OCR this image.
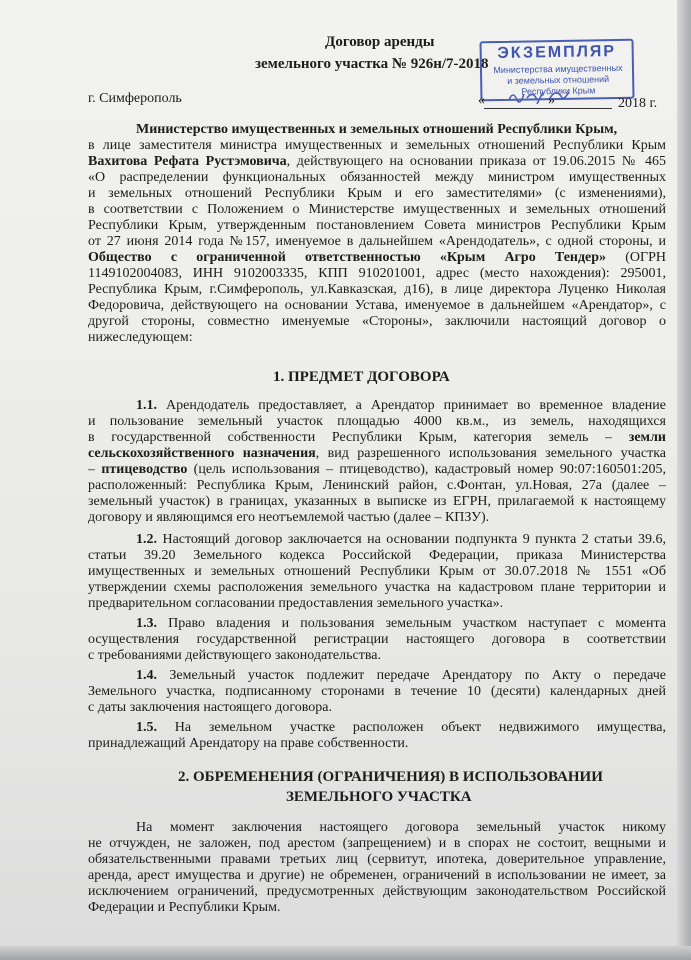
Договор аренды
земельного участка № 926н/7-2018
ЭКЗЕМПЛЯР
Министерства имущественных
и земельных отношений
Республики Крым
г. Симферополь	«	»	2018 г.
Министерство имущественных и земельных отношений Республики Крым,
в лице заместителя министра имущественных и земельных отношений Республики Крым
Вахитова Рефата Рустэмовича, действующего на основании приказа от 19.06.2015 № 465
«О распределении функциональных обязанностей между министром имущественных
и земельных отношений Республики Крым и его заместителями» (с изменениями),
в соответствии с Положением о Министерстве имущественных и земельных отношений
Республики Крым, утвержденным постановлением Совета министров Республики Крым
от 27 июня 2014 года №157, именуемое в дальнейшем «Арендодатель», с одной стороны, и
Общество с ограниченной ответственностью «Крым Агро Тендер» (ОГРН
1149102004083, ИНН 9102003335, КПП 910201001, адрес (место нахождения): 295001,
Республика Крым, г.Симферополь, ул.Кавказская, д16), в лице директора Луценко Николая
Федоровича, действующего на основании Устава, именуемое в дальнейшем «Арендатор», с
другой стороны, совместно именуемые «Стороны», заключили настоящий договор о
нижеследующем:
1. ПРЕДМЕТ ДОГОВОРА
1.1. Арендодатель предоставляет, а Арендатор принимает во временное владение
и пользование земельный участок площадью 4000 кв.м., из земель, находящихся
в государственной собственности Республики Крым, категория земель – земли
сельскохозяйственного назначения, вид разрешенного использования земельного участка
– птицеводство (цель использования – птицеводство), кадастровый номер 90:07:160501:205,
расположенный: Республика Крым, Ленинский район, с.Фонтан, ул.Новая, 27а (далее –
земельный участок) в границах, указанных в выписке из ЕГРН, прилагаемой к настоящему
договору и являющимся его неотъемлемой частью (далее – КПЗУ).
1.2. Настоящий договор заключается на основании подпункта 9 пункта 2 статьи 39.6,
статьи 39.20 Земельного кодекса Российской Федерации, приказа Министерства
имущественных и земельных отношений Республики Крым от 30.07.2018 № 1551 «Об
утверждении схемы расположения земельного участка на кадастровом плане территории и
предварительном согласовании предоставления земельного участка».
1.3. Право владения и пользования земельным участком наступает с момента
осуществления государственной регистрации настоящего договора в соответствии
с требованиями действующего законодательства.
1.4. Земельный участок подлежит передаче Арендатору по Акту о передаче
Земельного участка, подписанному сторонами в течение 10 (десяти) календарных дней
с даты заключения настоящего договора.
1.5. На земельном участке расположен объект недвижимого имущества,
принадлежащий Арендатору на праве собственности.
2. ОБРЕМЕНЕНИЯ (ОГРАНИЧЕНИЯ) В ИСПОЛЬЗОВАНИИ
ЗЕМЕЛЬНОГО УЧАСТКА
На момент заключения настоящего договора земельный участок никому
не отчужден, не заложен, под арестом (запрещением) и в спорах не состоит, вещными и
обязательственными правами третьих лиц (сервитут, ипотека, доверительное управление,
аренда, арест имущества и другие) не обременен, ограничений в использовании не имеет, за
исключением ограничений, предусмотренных действующим законодательством Российской
Федерации и Республики Крым.
